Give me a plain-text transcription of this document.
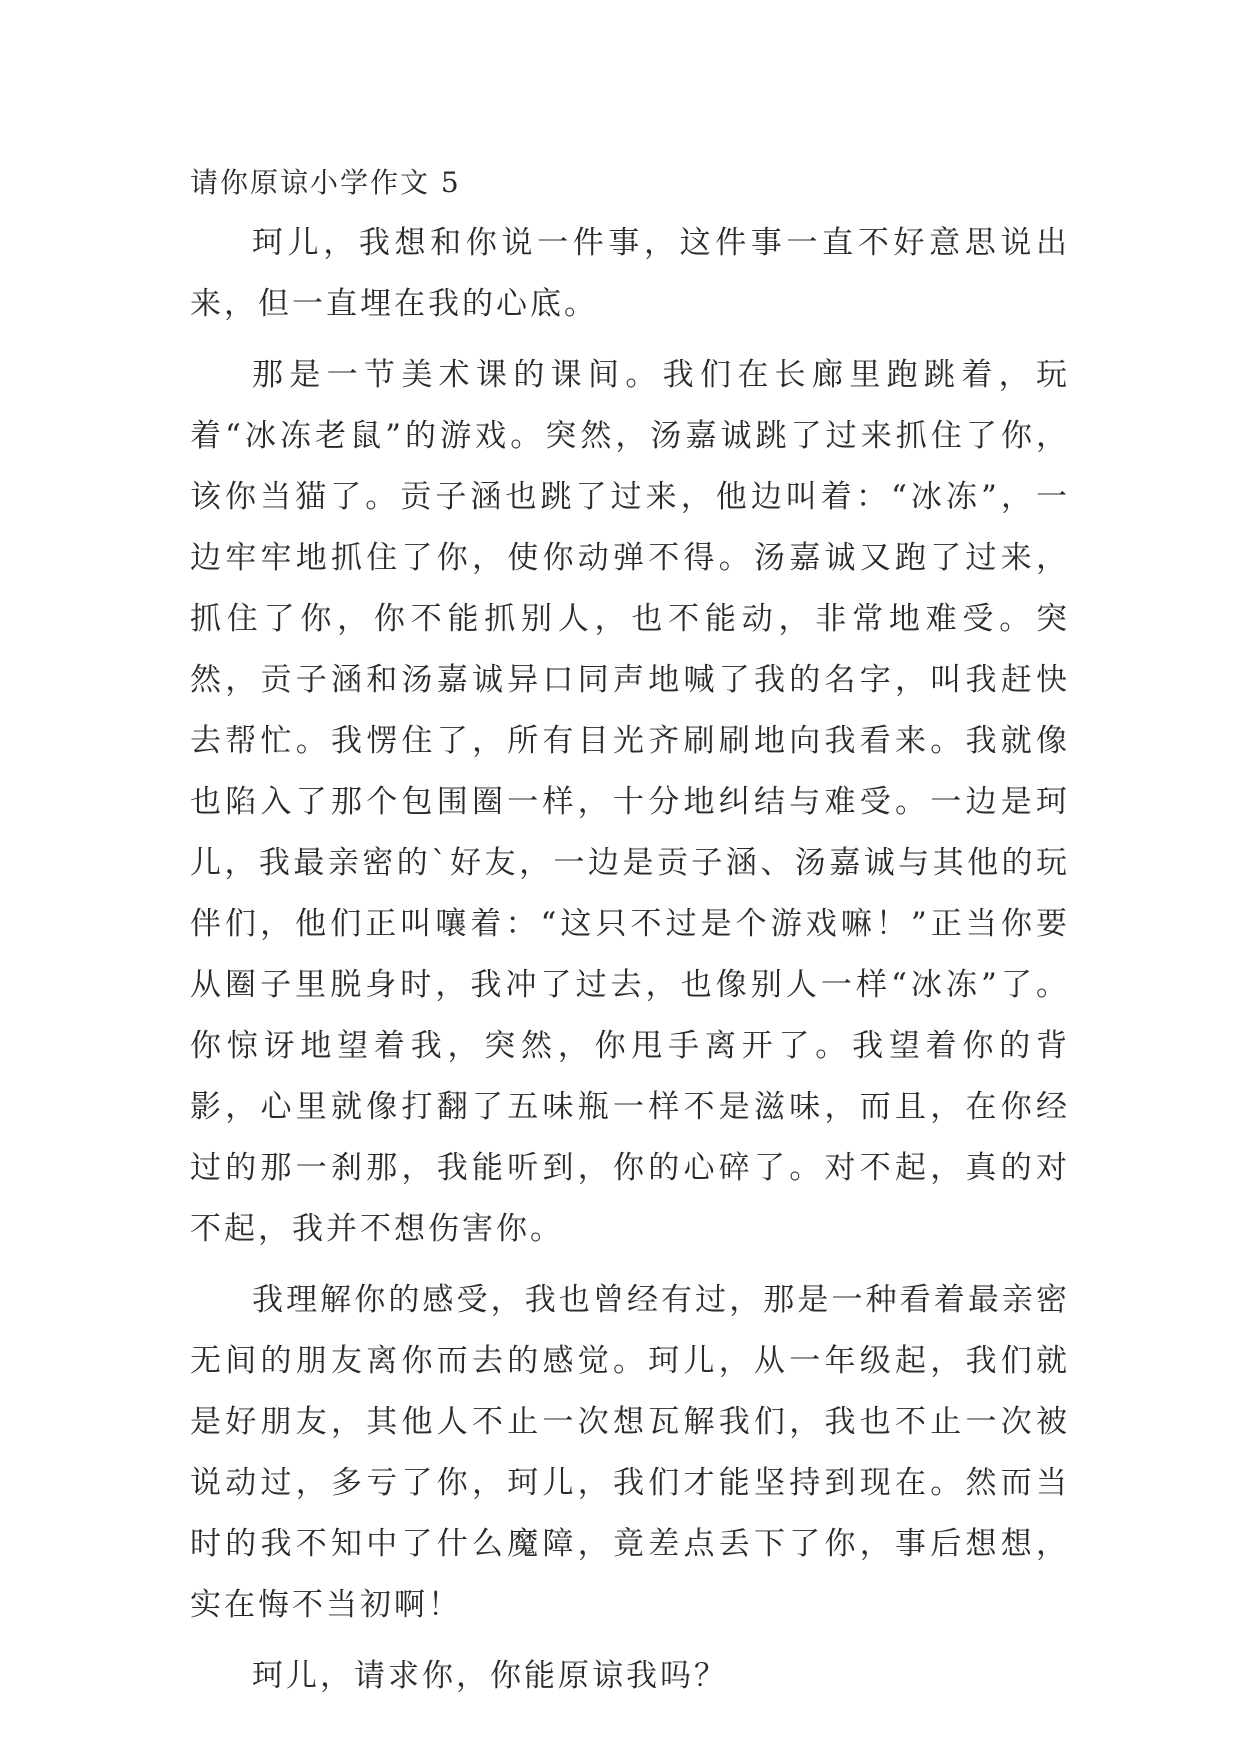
请你原谅小学作文 5

珂儿，我想和你说一件事，这件事一直不好意思说出来，但一直埋在我的心底。

那是一节美术课的课间。我们在长廊里跑跳着，玩着“冰冻老鼠”的游戏。突然，汤嘉诚跳了过来抓住了你，该你当猫了。贡子涵也跳了过来，他边叫着：“冰冻”，一边牢牢地抓住了你，使你动弹不得。汤嘉诚又跑了过来，抓住了你，你不能抓别人，也不能动，非常地难受。突然，贡子涵和汤嘉诚异口同声地喊了我的名字，叫我赶快去帮忙。我愣住了，所有目光齐刷刷地向我看来。我就像也陷入了那个包围圈一样，十分地纠结与难受。一边是珂儿，我最亲密的`好友，一边是贡子涵、汤嘉诚与其他的玩伴们，他们正叫嚷着：“这只不过是个游戏嘛！”正当你要从圈子里脱身时，我冲了过去，也像别人一样“冰冻”了。你惊讶地望着我，突然，你甩手离开了。我望着你的背影，心里就像打翻了五味瓶一样不是滋味，而且，在你经过的那一刹那，我能听到，你的心碎了。对不起，真的对不起，我并不想伤害你。

我理解你的感受，我也曾经有过，那是一种看着最亲密无间的朋友离你而去的感觉。珂儿，从一年级起，我们就是好朋友，其他人不止一次想瓦解我们，我也不止一次被说动过，多亏了你，珂儿，我们才能坚持到现在。然而当时的我不知中了什么魔障，竟差点丢下了你，事后想想，实在悔不当初啊！

珂儿，请求你，你能原谅我吗？
